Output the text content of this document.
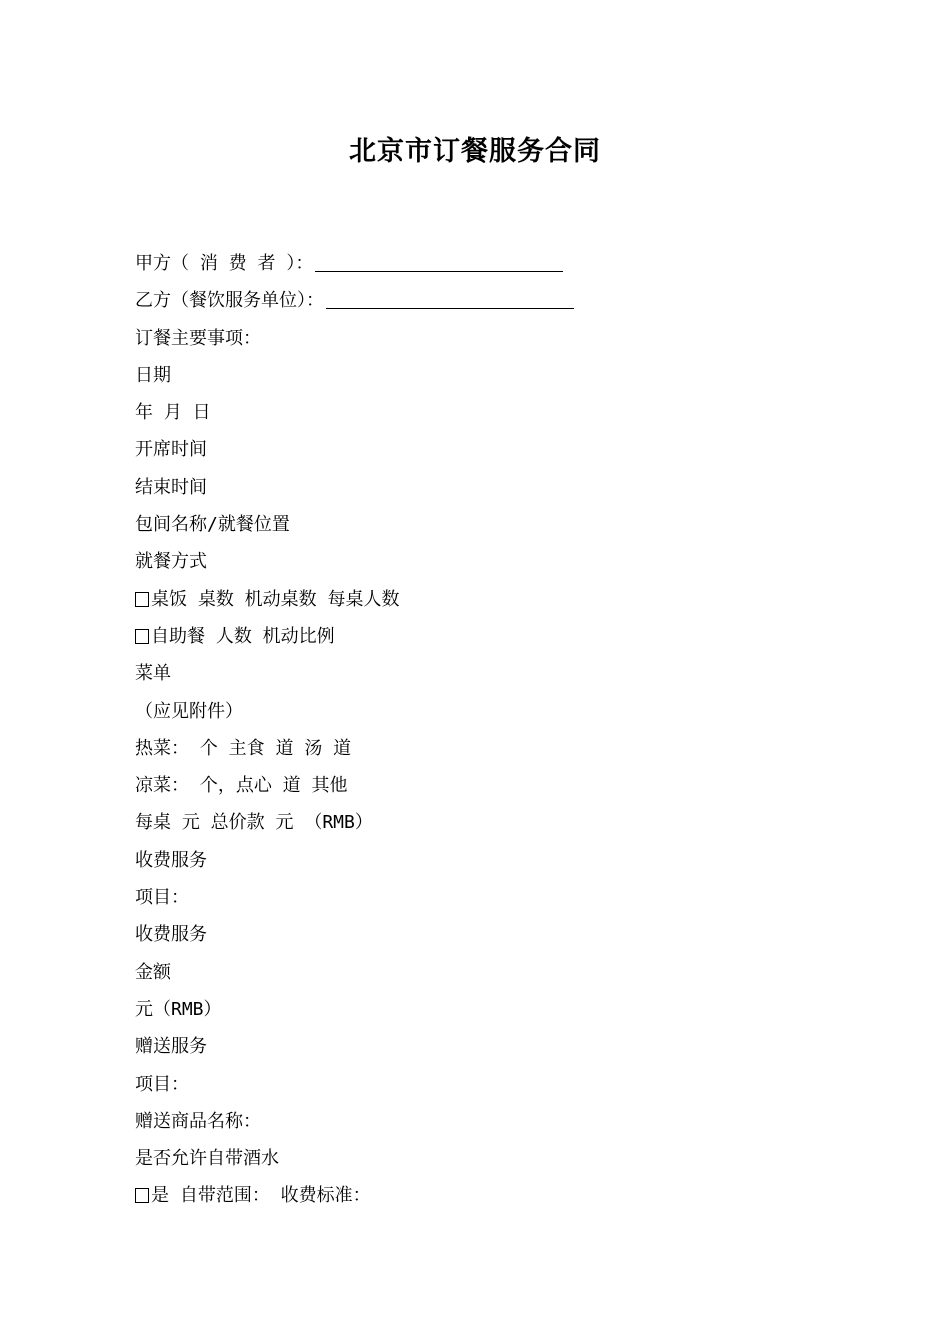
北京市订餐服务合同
甲方（ 消 费 者 ）：
乙方（餐饮服务单位）：
订餐主要事项：
日期
年 月 日
开席时间
结束时间
包间名称/就餐位置
就餐方式
桌饭 桌数 机动桌数 每桌人数
自助餐 人数 机动比例
菜单
（应见附件）
热菜： 个 主食 道 汤 道
凉菜： 个，点心 道 其他
每桌 元 总价款 元 （RMB）
收费服务
项目：
收费服务
金额
元（RMB）
赠送服务
项目：
赠送商品名称：
是否允许自带酒水
是 自带范围： 收费标准：
